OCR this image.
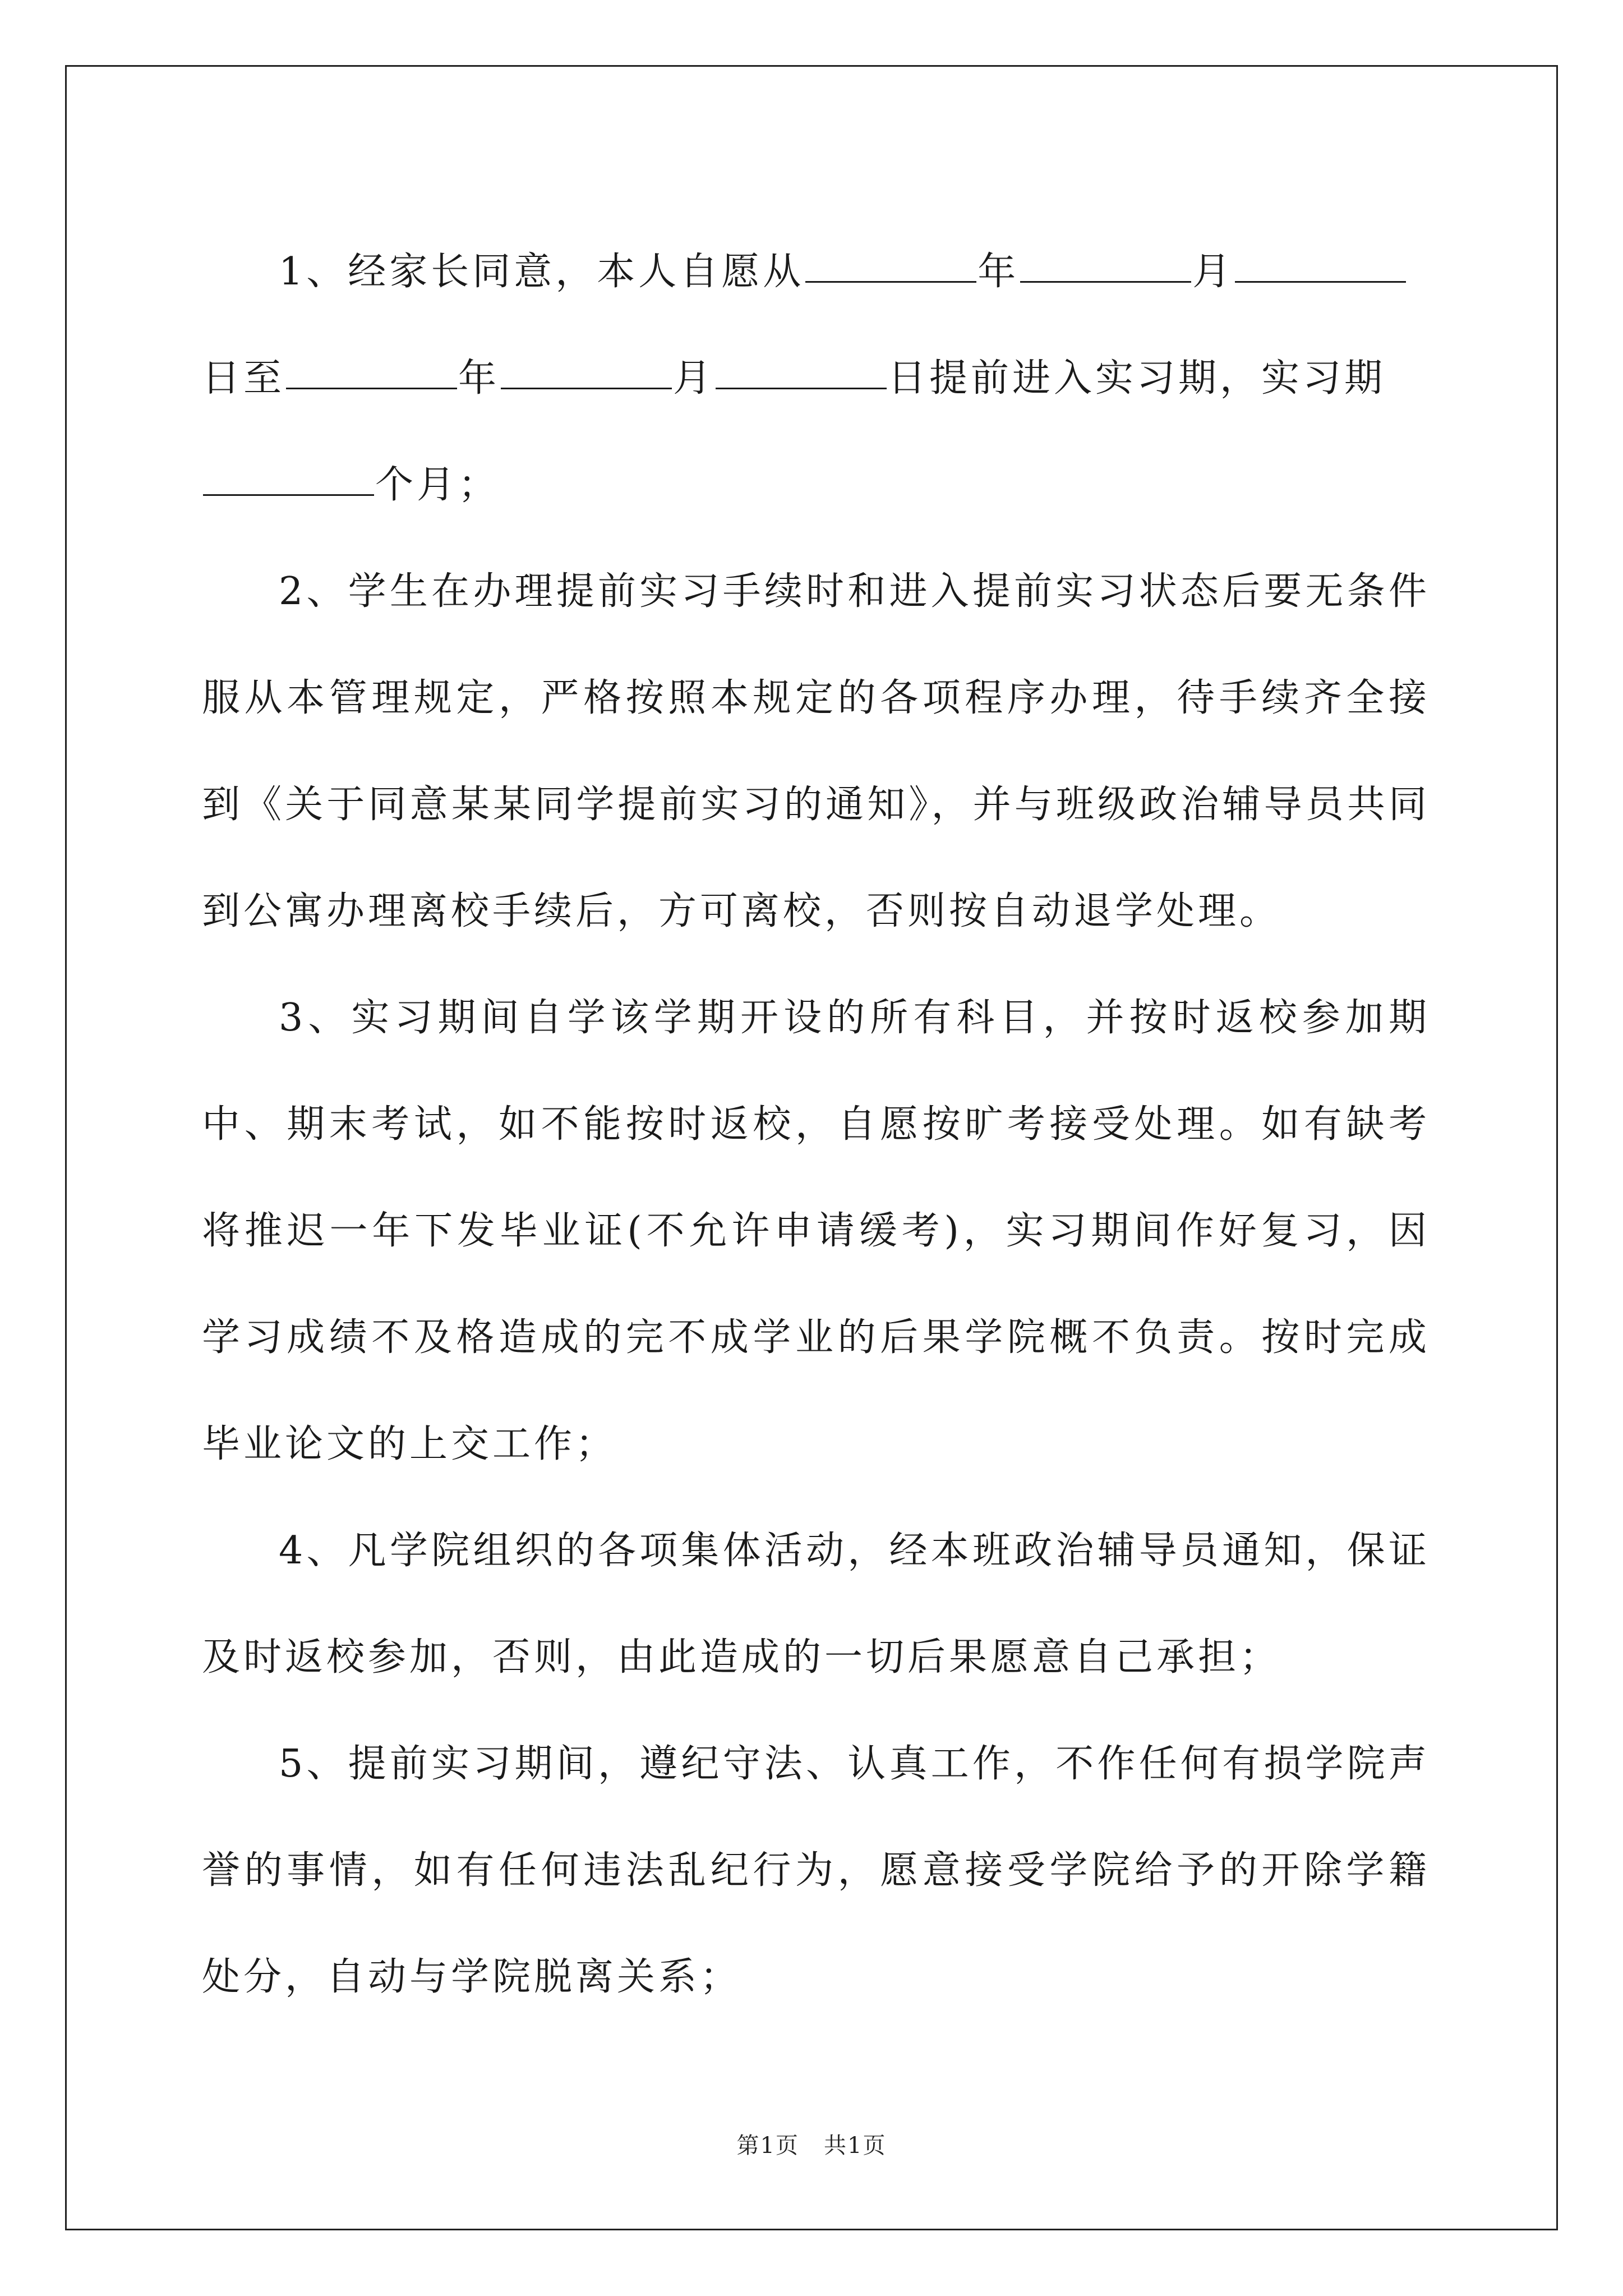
1、经家长同意，本人自愿从	年	月

日至	年	月	日提前进入实习期，实习期
个月；

2、学生在办理提前实习手续时和进入提前实习状态后要无条件服从本管理规定，严格按照本规定的各项程序办理，待手续齐全接到《关于同意某某同学提前实习的通知》，并与班级政治辅导员共同到公寓办理离校手续后，方可离校，否则按自动退学处理。

3、实习期间自学该学期开设的所有科目，并按时返校参加期中、期末考试，如不能按时返校，自愿按旷考接受处理。如有缺考将推迟一年下发毕业证(不允许申请缓考)，实习期间作好复习，因学习成绩不及格造成的完不成学业的后果学院概不负责。按时完成毕业论文的上交工作；

4、凡学院组织的各项集体活动，经本班政治辅导员通知，保证及时返校参加，否则，由此造成的一切后果愿意自己承担；

5、提前实习期间，遵纪守法、认真工作，不作任何有损学院声誉的事情，如有任何违法乱纪行为，愿意接受学院给予的开除学籍处分，自动与学院脱离关系；

第1页 共1页
